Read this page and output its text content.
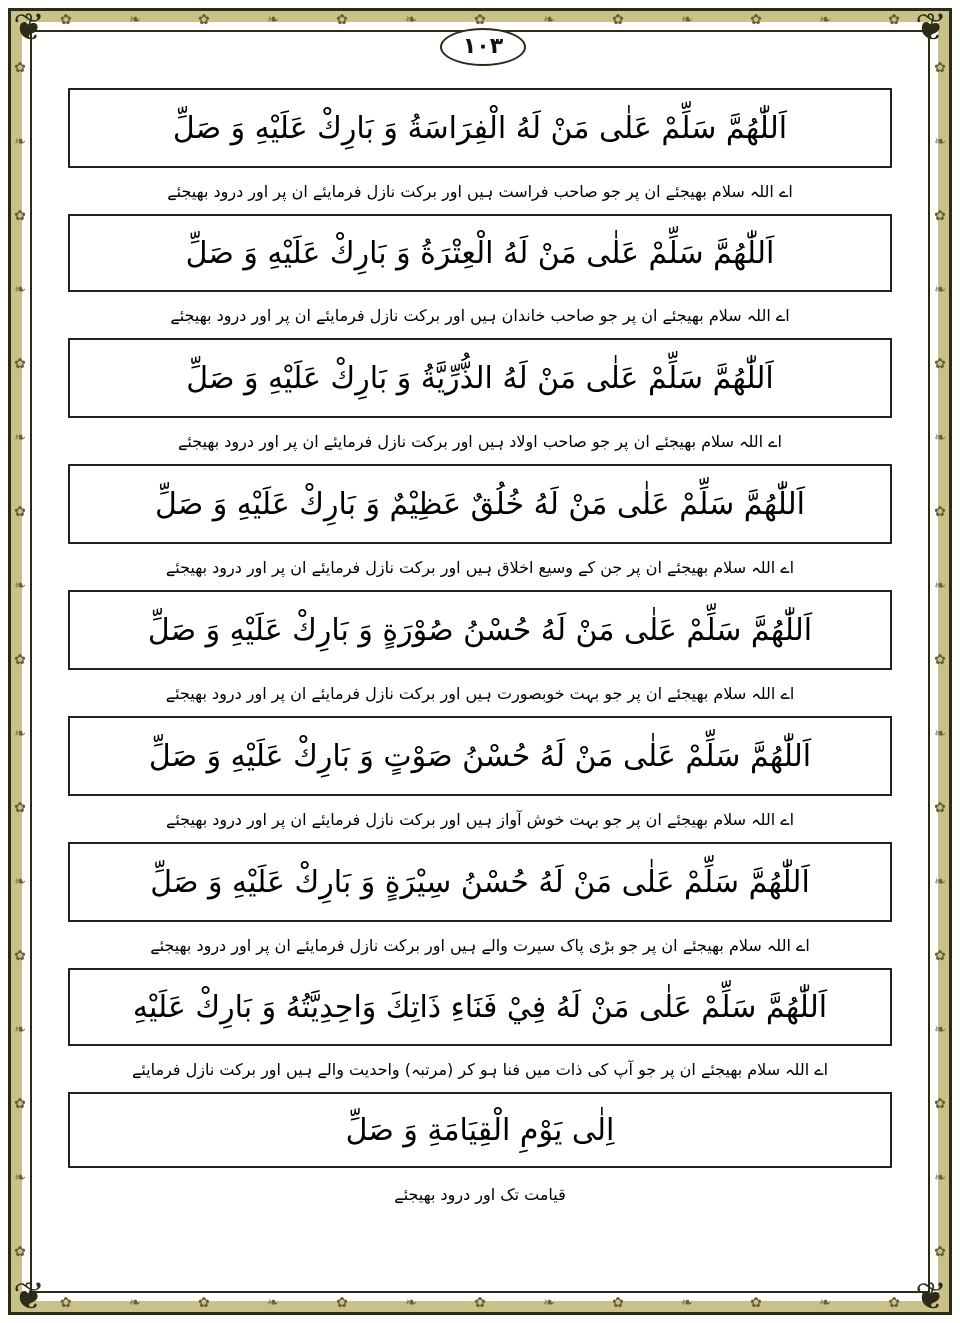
❦	❦
❦	❦
✿	❧	✿	❧	✿	❧	✿	❧	✿	❧	✿	❧	✿
✿	❧	✿	❧	✿	❧	✿	❧	✿	❧	✿	❧	✿
✿
❧
✿
❧
✿
❧
✿
❧
✿
❧
✿
❧
✿
❧
✿
❧
✿
✿
❧
✿
❧
✿
❧
✿
❧
✿
❧
✿
❧
✿
❧
✿
❧
✿
۱۰۳
اَللّٰهُمَّ سَلِّمْ عَلٰى مَنْ لَهُ الْفِرَاسَةُ وَ بَارِكْ عَلَيْهِ وَ صَلِّ
اے اللہ سلام بھیجئے ان پر جو صاحب فراست ہیں اور برکت نازل فرمایئے ان پر اور درود بھیجئے
اَللّٰهُمَّ سَلِّمْ عَلٰى مَنْ لَهُ الْعِتْرَةُ وَ بَارِكْ عَلَيْهِ وَ صَلِّ
اے اللہ سلام بھیجئے ان پر جو صاحب خاندان ہیں اور برکت نازل فرمایئے ان پر اور درود بھیجئے
اَللّٰهُمَّ سَلِّمْ عَلٰى مَنْ لَهُ الذُّرِّيَّةُ وَ بَارِكْ عَلَيْهِ وَ صَلِّ
اے اللہ سلام بھیجئے ان پر جو صاحب اولاد ہیں اور برکت نازل فرمایئے ان پر اور درود بھیجئے
اَللّٰهُمَّ سَلِّمْ عَلٰى مَنْ لَهُ خُلُقٌ عَظِيْمٌ وَ بَارِكْ عَلَيْهِ وَ صَلِّ
اے اللہ سلام بھیجئے ان پر جن کے وسیع اخلاق ہیں اور برکت نازل فرمایئے ان پر اور درود بھیجئے
اَللّٰهُمَّ سَلِّمْ عَلٰى مَنْ لَهُ حُسْنُ صُوْرَةٍ وَ بَارِكْ عَلَيْهِ وَ صَلِّ
اے اللہ سلام بھیجئے ان پر جو بہت خوبصورت ہیں اور برکت نازل فرمایئے ان پر اور درود بھیجئے
اَللّٰهُمَّ سَلِّمْ عَلٰى مَنْ لَهُ حُسْنُ صَوْتٍ وَ بَارِكْ عَلَيْهِ وَ صَلِّ
اے اللہ سلام بھیجئے ان پر جو بہت خوش آواز ہیں اور برکت نازل فرمایئے ان پر اور درود بھیجئے
اَللّٰهُمَّ سَلِّمْ عَلٰى مَنْ لَهُ حُسْنُ سِيْرَةٍ وَ بَارِكْ عَلَيْهِ وَ صَلِّ
اے اللہ سلام بھیجئے ان پر جو بڑی پاک سیرت والے ہیں اور برکت نازل فرمایئے ان پر اور درود بھیجئے
اَللّٰهُمَّ سَلِّمْ عَلٰى مَنْ لَهُ فِيْ فَنَاءِ ذَاتِكَ وَاحِدِيَّتُهُ وَ بَارِكْ عَلَيْهِ
اے اللہ سلام بھیجئے ان پر جو آپ کی ذات میں فنا ہو کر (مرتبہ) واحدیت والے ہیں اور برکت نازل فرمایئے
اِلٰى يَوْمِ الْقِيَامَةِ وَ صَلِّ
قیامت تک اور درود بھیجئے
